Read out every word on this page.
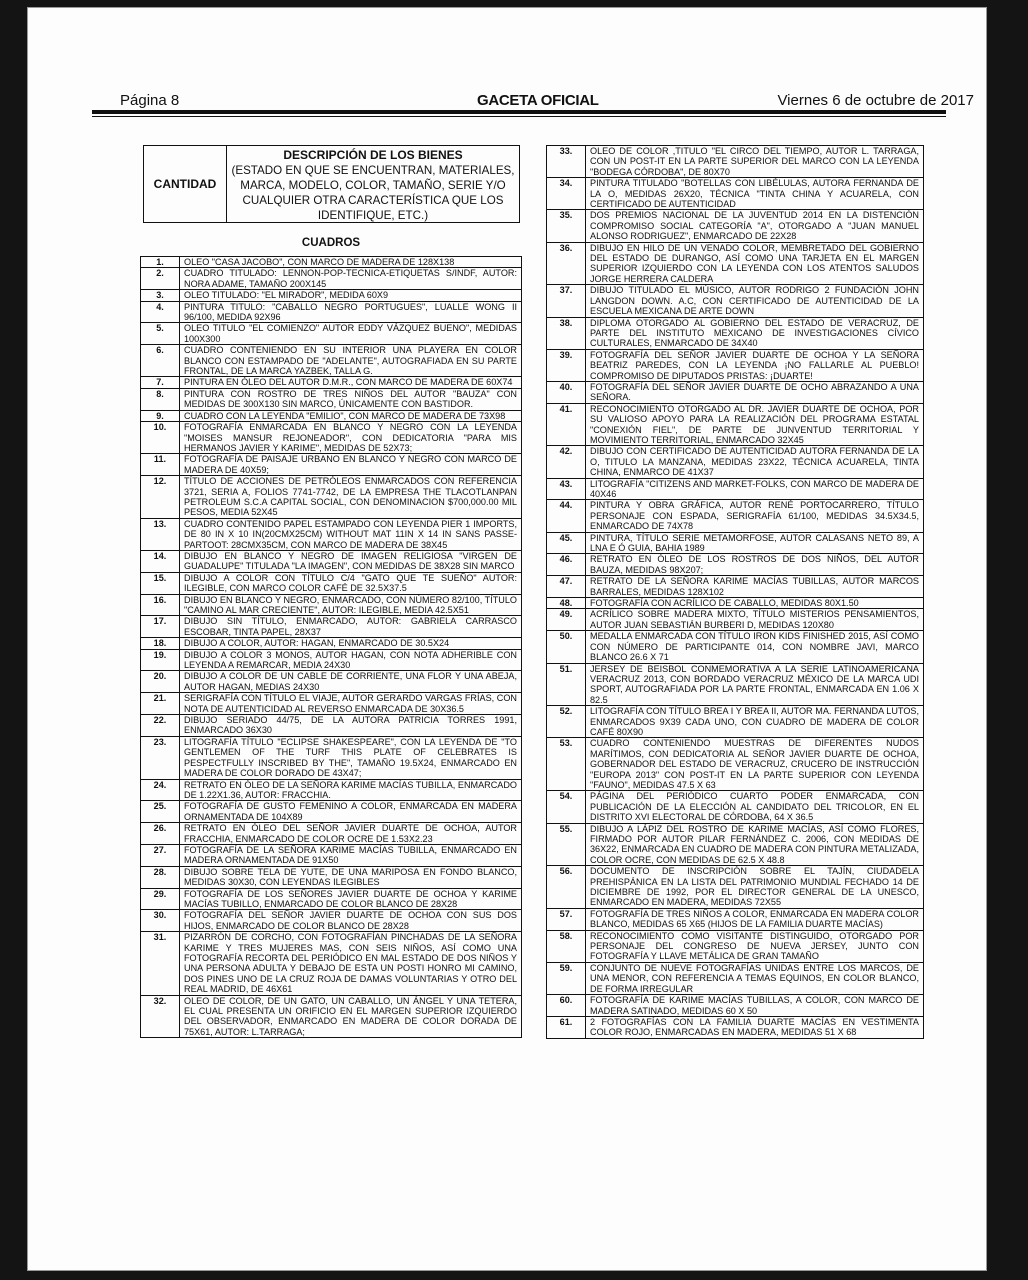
Página 8	GACETA OFICIAL	Viernes 6 de octubre de 2017
CANTIDAD
DESCRIPCIÓN DE LOS BIENES
(ESTADO EN QUE SE ENCUENTRAN, MATERIALES, MARCA, MODELO, COLOR, TAMAÑO, SERIE Y/O CUALQUIER OTRA CARACTERÍSTICA QUE LOS IDENTIFIQUE, ETC.)
CUADROS
1.	OLEO "CASA JACOBO", CON MARCO DE MADERA DE 128X138
2.	CUADRO TITULADO: LENNON-POP-TECNICA-ETIQUETAS S/INDF, AUTOR: NORA ADAME, TAMAÑO 200X145
3.	OLEO TITULADO: "EL MIRADOR", MEDIDA 60X9
4.	PINTURA TITULO: "CABALLO NEGRO PORTUGUES", LUALLE WONG II 96/100, MEDIDA 92X96
5.	OLEO TITULO "EL COMIENZO" AUTOR EDDY VÁZQUEZ BUENO", MEDIDAS 100X300
6.	CUADRO CONTENIENDO EN SU INTERIOR UNA PLAYERA EN COLOR BLANCO CON ESTAMPADO DE "ADELANTE", AUTOGRAFIADA EN SU PARTE FRONTAL, DE LA MARCA YAZBEK, TALLA G.
7.	PINTURA EN ÓLEO DEL AUTOR D.M.R., CON MARCO DE MADERA DE 60X74
8.	PINTURA CON ROSTRO DE TRES NIÑOS DEL AUTOR "BAUZA" CON MEDIDAS DE 300X130 SIN MARCO, ÚNICAMENTE CON BASTIDOR.
9.	CUADRO CON LA LEYENDA "EMILIO", CON MARCO DE MADERA DE 73X98
10.	FOTOGRAFÍA ENMARCADA EN BLANCO Y NEGRO CON LA LEYENDA "MOISES MANSUR REJONEADOR", CON DEDICATORIA "PARA MIS HERMANOS JAVIER Y KARIME", MEDIDAS DE 52X73;
11.	FOTOGRAFÍA DE PAISAJE URBANO EN BLANCO Y NEGRO CON MARCO DE MADERA DE 40X59;
12.	TÍTULO DE ACCIONES DE PETRÓLEOS ENMARCADOS CON REFERENCIA 3721, SERIA A, FOLIOS 7741-7742, DE LA EMPRESA THE TLACOTLANPAN PETROLEUM S.C.A CAPITAL SOCIAL, CON DENOMINACION $700,000.00 MIL PESOS, MEDIA 52X45
13.	CUADRO CONTENIDO PAPEL ESTAMPADO CON LEYENDA PIER 1 IMPORTS, DE 80 IN X 10 IN(20CMX25CM) WITHOUT MAT 11IN X 14 IN SANS PASSE-PARTOOT: 28CMX35CM, CON MARCO DE MADERA DE 38X45
14.	DIBUJO EN BLANCO Y NEGRO DE IMAGEN RELIGIOSA "VIRGEN DE GUADALUPE" TITULADA "LA IMAGEN", CON MEDIDAS DE 38X28 SIN MARCO
15.	DIBUJO A COLOR CON TÍTULO C/4 "GATO QUE TE SUEÑO" AUTOR: ILEGIBLE, CON MARCO COLOR CAFÉ DE 32.5X37.5
16.	DIBUJO EN BLANCO Y NEGRO, ENMARCADO, CON NÚMERO 82/100, TÍTULO "CAMINO AL MAR CRECIENTE", AUTOR: ILEGIBLE, MEDIA 42.5X51
17.	DIBUJO SIN TÍTULO, ENMARCADO, AUTOR: GABRIELA CARRASCO ESCOBAR, TINTA PAPEL, 28X37
18.	DIBUJO A COLOR, AUTOR: HAGAN, ENMARCADO DE 30.5X24
19.	DIBUJO A COLOR 3 MONOS, AUTOR HAGAN, CON NOTA ADHERIBLE CON LEYENDA A REMARCAR, MEDIA 24X30
20.	DIBUJO A COLOR DE UN CABLE DE CORRIENTE, UNA FLOR Y UNA ABEJA, AUTOR HAGAN, MEDIAS 24X30
21.	SERIGRAFÍA CON TÍTULO EL VIAJE, AUTOR GERARDO VARGAS FRÍAS, CON NOTA DE AUTENTICIDAD AL REVERSO ENMARCADA DE 30X36.5
22.	DIBUJO SERIADO 44/75, DE LA AUTORA PATRICIA TORRES 1991, ENMARCADO 36X30
23.	LITOGRAFÍA TÍTULO "ECLIPSE SHAKESPEARE", CON LA LEYENDA DE "TO GENTLEMEN OF THE TURF THIS PLATE OF CELEBRATES IS PESPECTFULLY INSCRIBED BY THE", TAMAÑO 19.5X24, ENMARCADO EN MADERA DE COLOR DORADO DE 43X47;
24.	RETRATO EN ÓLEO DE LA SEÑORA KARIME MACÍAS TUBILLA, ENMARCADO DE 1.22X1.36, AUTOR: FRACCHIA.
25.	FOTOGRAFÍA DE GUSTO FEMENINO A COLOR, ENMARCADA EN MADERA ORNAMENTADA DE 104X89
26.	RETRATO EN ÓLEO DEL SEÑOR JAVIER DUARTE DE OCHOA, AUTOR FRACCHIA, ENMARCADO DE COLOR OCRE DE 1.53X2.23
27.	FOTOGRAFÍA DE LA SEÑORA KARIME MACÍAS TUBILLA, ENMARCADO EN MADERA ORNAMENTADA DE 91X50
28.	DIBUJO SOBRE TELA DE YUTE, DE UNA MARIPOSA EN FONDO BLANCO, MEDIDAS 30X30, CON LEYENDAS ILEGIBLES
29.	FOTOGRAFÍA DE LOS SEÑORES JAVIER DUARTE DE OCHOA Y KARIME MACÍAS TUBILLO, ENMARCADO DE COLOR BLANCO DE 28X28
30.	FOTOGRAFÍA DEL SEÑOR JAVIER DUARTE DE OCHOA CON SUS DOS HIJOS, ENMARCADO DE COLOR BLANCO DE 28X28
31.	PIZARRÓN DE CORCHO, CON FOTOGRAFÍAN PINCHADAS DE LA SEÑORA KARIME Y TRES MUJERES MAS, CON SEIS NIÑOS, ASÍ COMO UNA FOTOGRAFÍA RECORTA DEL PERIÓDICO EN MAL ESTADO DE DOS NIÑOS Y UNA PERSONA ADULTA Y DEBAJO DE ESTA UN POSTI HONRO MI CAMINO, DOS PINES UNO DE LA CRUZ ROJA DE DAMAS VOLUNTARIAS Y OTRO DEL REAL MADRID, DE 46X61
32.	OLEO DE COLOR, DE UN GATO, UN CABALLO, UN ÁNGEL Y UNA TETERA, EL CUAL PRESENTA UN ORIFICIO EN EL MARGEN SUPERIOR IZQUIERDO DEL OBSERVADOR, ENMARCADO EN MADERA DE COLOR DORADA DE 75X61, AUTOR: L.TARRAGA;
33.	OLEO DE COLOR ,TITULO "EL CIRCO DEL TIEMPO, AUTOR L. TARRAGA, CON UN POST-IT EN LA PARTE SUPERIOR DEL MARCO CON LA LEYENDA "BODEGA CÓRDOBA", DE 80X70
34.	PINTURA TITULADO "BOTELLAS CON LIBÉLULAS, AUTORA FERNANDA DE LA O, MEDIDAS 26X20, TÉCNICA "TINTA CHINA Y ACUARELA, CON CERTIFICADO DE AUTENTICIDAD
35.	DOS PREMIOS NACIONAL DE LA JUVENTUD 2014 EN LA DISTENCIÓN COMPROMISO SOCIAL CATEGORÍA "A", OTORGADO A "JUAN MANUEL ALONSO RODRIGUEZ", ENMARCADO DE 22X28
36.	DIBUJO EN HILO DE UN VENADO COLOR, MEMBRETADO DEL GOBIERNO DEL ESTADO DE DURANGO, ASÍ COMO UNA TARJETA EN EL MARGEN SUPERIOR IZQUIERDO CON LA LEYENDA CON LOS ATENTOS SALUDOS JORGE HERRERA CALDERA
37.	DIBUJO TITULADO EL MÚSICO, AUTOR RODRIGO 2 FUNDACIÓN JOHN LANGDON DOWN. A.C, CON CERTIFICADO DE AUTENTICIDAD DE LA ESCUELA MEXICANA DE ARTE DOWN
38.	DIPLOMA OTORGADO AL GOBIERNO DEL ESTADO DE VERACRUZ, DE PARTE DEL INSTITUTO MEXICANO DE INVESTIGACIONES CÍVICO CULTURALES, ENMARCADO DE 34X40
39.	FOTOGRAFÍA DEL SEÑOR JAVIER DUARTE DE OCHOA Y LA SEÑORA BEATRIZ PAREDES, CON LA LEYENDA ¡NO FALLARLE AL PUEBLO! COMPROMISO DE DIPUTADOS PRISTAS: ¡DUARTE!
40.	FOTOGRAFÍA DEL SEÑOR JAVIER DUARTE DE OCHO ABRAZANDO A UNA SEÑORA.
41.	RECONOCIMIENTO OTORGADO AL DR. JAVIER DUARTE DE OCHOA, POR SU VALIOSO APOYO PARA LA REALIZACIÓN DEL PROGRAMA ESTATAL "CONEXIÓN FIEL", DE PARTE DE JUNVENTUD TERRITORIAL Y MOVIMIENTO TERRITORIAL, ENMARCADO 32X45
42.	DIBUJO CON CERTIFICADO DE AUTENTICIDAD AUTORA FERNANDA DE LA O, TITULO LA MANZANA, MEDIDAS 23X22, TÉCNICA ACUARELA, TINTA CHINA, ENMARCO DE 41X37
43.	LITOGRAFÍA "CITIZENS AND MARKET-FOLKS, CON MARCO DE MADERA DE 40X46
44.	PINTURA Y OBRA GRÁFICA, AUTOR RENÉ PORTOCARRERO, TÍTULO PERSONAJE CON ESPADA, SERIGRAFÍA 61/100, MEDIDAS 34.5X34.5, ENMARCADO DE 74X78
45.	PINTURA, TÍTULO SERIE METAMORFOSE, AUTOR CALASANS NETO 89, A LNA E Ó GUIA, BAHIA 1989
46.	RETRATO EN ÓLEO DE LOS ROSTROS DE DOS NIÑOS, DEL AUTOR BAUZA, MEDIDAS 98X207;
47.	RETRATO DE LA SEÑORA KARIME MACÍAS TUBILLAS, AUTOR MARCOS BARRALES, MEDIDAS 128X102
48.	FOTOGRAFÍA CON ACRÍLICO DE CABALLO, MEDIDAS 80X1.50
49.	ACRÍLICO SOBRE MADERA MIXTO, TÍTULO MISTERIOS PENSAMIENTOS, AUTOR JUAN SEBASTIÁN BURBERI D, MEDIDAS 120X80
50.	MEDALLA ENMARCADA CON TÍTULO IRON KIDS FINISHED 2015, ASÍ COMO CON NÚMERO DE PARTICIPANTE 014, CON NOMBRE JAVI, MARCO BLANCO 26.6 X 71
51.	JERSEY DE BEISBOL CONMEMORATIVA A LA SERIE LATINOAMERICANA VERACRUZ 2013, CON BORDADO VERACRUZ MÉXICO DE LA MARCA UDI SPORT, AUTOGRAFIADA POR LA PARTE FRONTAL, ENMARCADA EN 1.06 X 82.5
52.	LITOGRAFÍA CON TÍTULO BREA I Y BREA II, AUTOR MA. FERNANDA LUTOS, ENMARCADOS 9X39 CADA UNO, CON CUADRO DE MADERA DE COLOR CAFÉ 80X90
53.	CUADRO CONTENIENDO MUESTRAS DE DIFERENTES NUDOS MARÍTIMOS, CON DEDICATORIA AL SEÑOR JAVIER DUARTE DE OCHOA, GOBERNADOR DEL ESTADO DE VERACRUZ, CRUCERO DE INSTRUCCIÓN "EUROPA 2013" CON POST-IT EN LA PARTE SUPERIOR CON LEYENDA "FAUNO", MEDIDAS 47.5 X 63
54.	PÁGINA DEL PERIÓDICO CUARTO PODER ENMARCADA, CON PUBLICACIÓN DE LA ELECCIÓN AL CANDIDATO DEL TRICOLOR, EN EL DISTRITO XVI ELECTORAL DE CÓRDOBA, 64 X 36.5
55.	DIBUJO A LÁPIZ DEL ROSTRO DE KARIME MACÍAS, ASÍ COMO FLORES, FIRMADO POR AUTOR PILAR FERNÁNDEZ C. 2006, CON MEDIDAS DE 36X22, ENMARCADA EN CUADRO DE MADERA CON PINTURA METALIZADA, COLOR OCRE, CON MEDIDAS DE 62.5 X 48.8
56.	DOCUMENTO DE INSCRIPCIÓN SOBRE EL TAJÍN, CIUDADELA PREHISPÁNICA EN LA LISTA DEL PATRIMONIO MUNDIAL FECHADO 14 DE DICIEMBRE DE 1992, POR EL DIRECTOR GENERAL DE LA UNESCO, ENMARCADO EN MADERA, MEDIDAS 72X55
57.	FOTOGRAFÍA DE TRES NIÑOS A COLOR, ENMARCADA EN MADERA COLOR BLANCO, MEDIDAS 65 X65 (HIJOS DE LA FAMILIA DUARTE MACÍAS)
58.	RECONOCIMIENTO COMO VISITANTE DISTINGUIDO, OTORGADO POR PERSONAJE DEL CONGRESO DE NUEVA JERSEY, JUNTO CON FOTOGRAFÍA Y LLAVE METÁLICA DE GRAN TAMAÑO
59.	CONJUNTO DE NUEVE FOTOGRAFÍAS UNIDAS ENTRE LOS MARCOS, DE UNA MENOR, CON REFERENCIA A TEMAS EQUINOS, EN COLOR BLANCO, DE FORMA IRREGULAR
60.	FOTOGRAFÍA DE KARIME MACÍAS TUBILLAS, A COLOR, CON MARCO DE MADERA SATINADO, MEDIDAS 60 X 50
61.	2 FOTOGRAFÍAS CON LA FAMILIA DUARTE MACÍAS EN VESTIMENTA COLOR ROJO, ENMARCADAS EN MADERA, MEDIDAS 51 X 68
